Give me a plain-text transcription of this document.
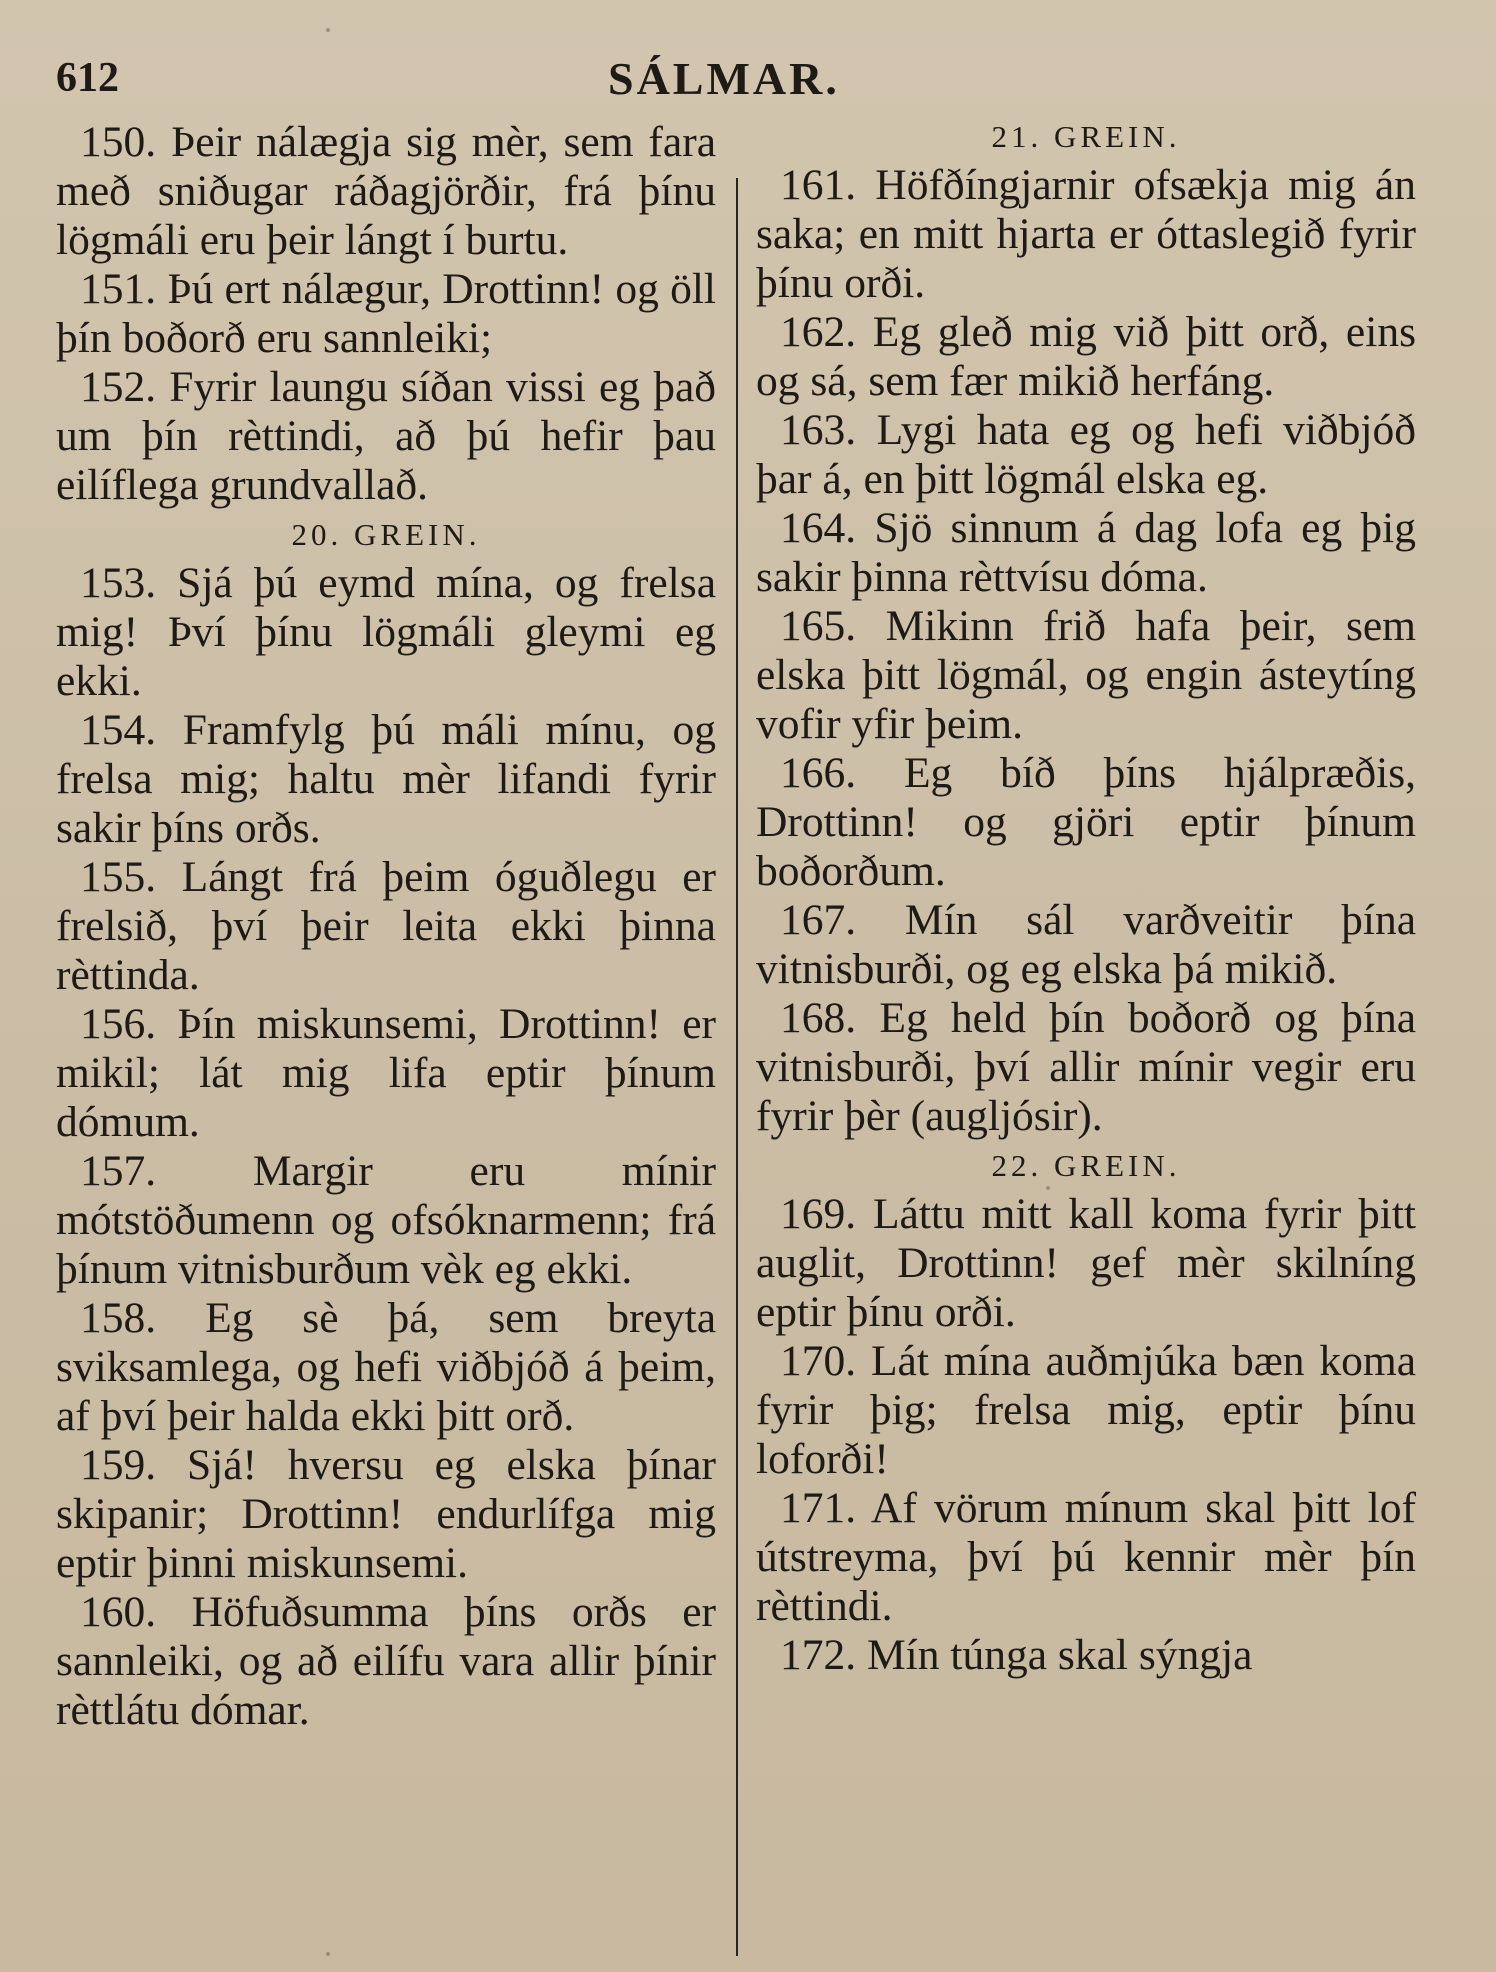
612	SÁLMAR.

150. Þeir nálægja sig mèr, sem fara með sniðugar ráðagjörðir, frá þínu lögmáli eru þeir lángt í burtu.

151. Þú ert nálægur, Drottinn! og öll þín boðorð eru sannleiki;

152. Fyrir laungu síðan vissi eg það um þín rèttindi, að þú hefir þau eilíflega grundvallað.

20. GREIN.

153. Sjá þú eymd mína, og frelsa mig! Því þínu lögmáli gleymi eg ekki.

154. Framfylg þú máli mínu, og frelsa mig; haltu mèr lifandi fyrir sakir þíns orðs.

155. Lángt frá þeim óguðlegu er frelsið, því þeir leita ekki þinna rèttinda.

156. Þín miskunsemi, Drottinn! er mikil; lát mig lifa eptir þínum dómum.

157. Margir eru mínir mótstöðumenn og ofsóknarmenn; frá þínum vitnisburðum vèk eg ekki.

158. Eg sè þá, sem breyta sviksamlega, og hefi viðbjóð á þeim, af því þeir halda ekki þitt orð.

159. Sjá! hversu eg elska þínar skipanir; Drottinn! endurlífga mig eptir þinni miskunsemi.

160. Höfuðsumma þíns orðs er sannleiki, og að eilífu vara allir þínir rèttlátu dómar.

21. GREIN.

161. Höfðíngjarnir ofsækja mig án saka; en mitt hjarta er óttaslegið fyrir þínu orði.

162. Eg gleð mig við þitt orð, eins og sá, sem fær mikið herfáng.

163. Lygi hata eg og hefi viðbjóð þar á, en þitt lögmál elska eg.

164. Sjö sinnum á dag lofa eg þig sakir þinna rèttvísu dóma.

165. Mikinn frið hafa þeir, sem elska þitt lögmál, og engin ásteytíng vofir yfir þeim.

166. Eg bíð þíns hjálpræðis, Drottinn! og gjöri eptir þínum boðorðum.

167. Mín sál varðveitir þína vitnisburði, og eg elska þá mikið.

168. Eg held þín boðorð og þína vitnisburði, því allir mínir vegir eru fyrir þèr (augljósir).

22. GREIN.

169. Láttu mitt kall koma fyrir þitt auglit, Drottinn! gef mèr skilníng eptir þínu orði.

170. Lát mína auðmjúka bæn koma fyrir þig; frelsa mig, eptir þínu loforði!

171. Af vörum mínum skal þitt lof útstreyma, því þú kennir mèr þín rèttindi.

172. Mín túnga skal sýngja
